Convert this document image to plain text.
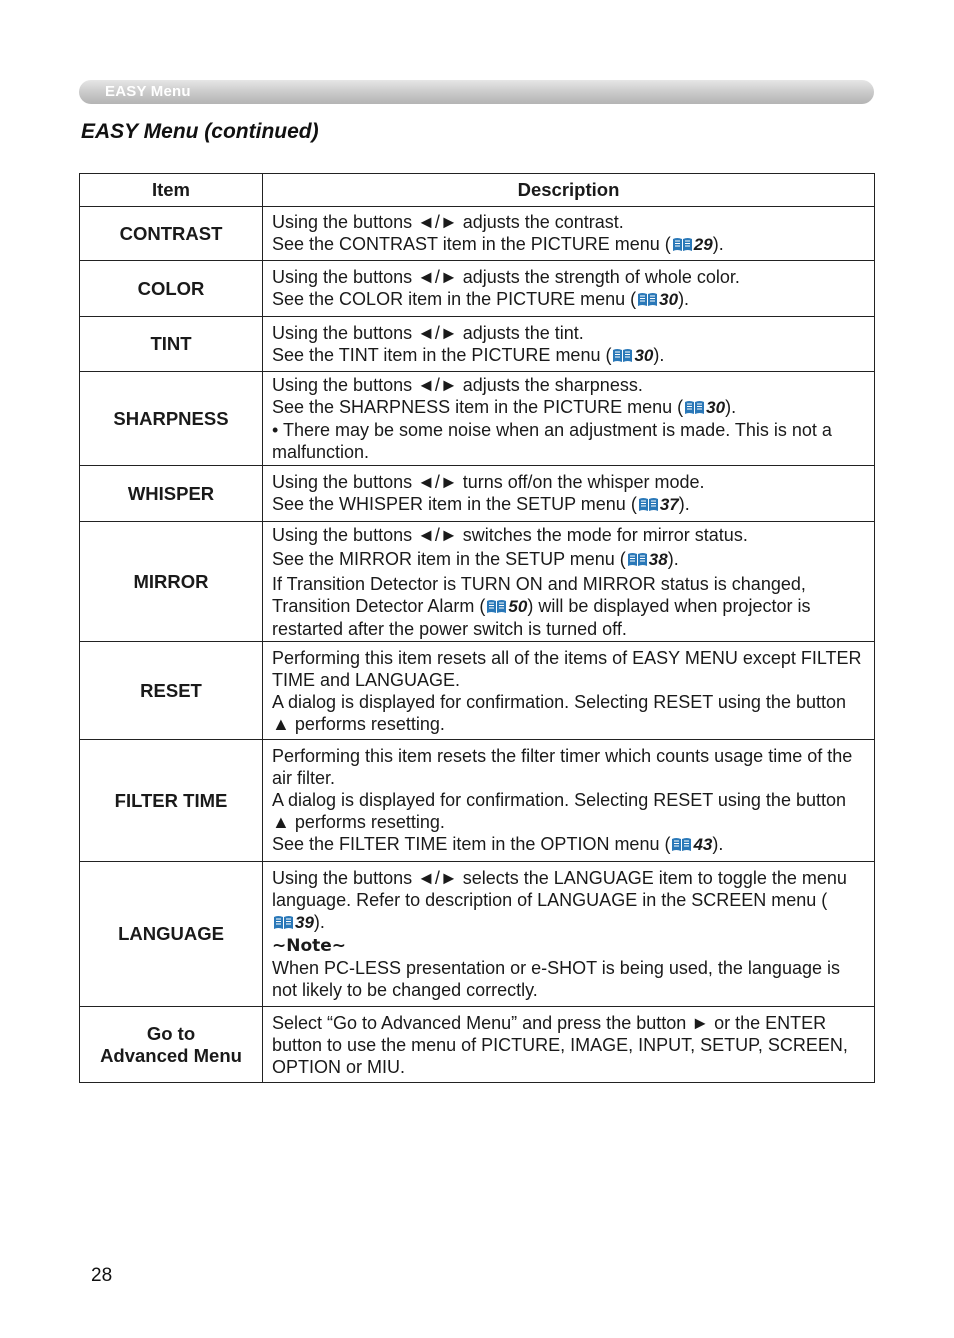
EASY Menu
EASY Menu (continued)
Item	Description

CONTRAST	Using the buttons ◄/► adjusts the contrast.
See the CONTRAST item in the PICTURE menu ( 29).

COLOR	Using the buttons ◄/► adjusts the strength of whole color.
See the COLOR item in the PICTURE menu ( 30).

TINT	Using the buttons ◄/► adjusts the tint.
See the TINT item in the PICTURE menu ( 30).

SHARPNESS	Using the buttons ◄/► adjusts the sharpness.
See the SHARPNESS item in the PICTURE menu ( 30).
• There may be some noise when an adjustment is made. This is not a malfunction.

WHISPER	Using the buttons ◄/► turns off/on the whisper mode.
See the WHISPER item in the SETUP menu ( 37).

MIRROR	Using the buttons ◄/► switches the mode for mirror status.
See the MIRROR item in the SETUP menu ( 38).
If Transition Detector is TURN ON and MIRROR status is changed, Transition Detector Alarm ( 50) will be displayed when projector is restarted after the power switch is turned off.

RESET	Performing this item resets all of the items of EASY MENU except FILTER TIME and LANGUAGE.
A dialog is displayed for confirmation. Selecting RESET using the button ▲ performs resetting.

FILTER TIME	Performing this item resets the filter timer which counts usage time of the air filter.
A dialog is displayed for confirmation. Selecting RESET using the button ▲ performs resetting.
See the FILTER TIME item in the OPTION menu ( 43).

LANGUAGE	Using the buttons ◄/► selects the LANGUAGE item to toggle the menu language. Refer to description of LANGUAGE in the SCREEN menu (39).
~Note~
When PC-LESS presentation or e-SHOT is being used, the language is not likely to be changed correctly.

Go to
Advanced Menu	Select “Go to Advanced Menu” and press the button ► or the ENTER button to use the menu of PICTURE, IMAGE, INPUT, SETUP, SCREEN, OPTION or MIU.
28
